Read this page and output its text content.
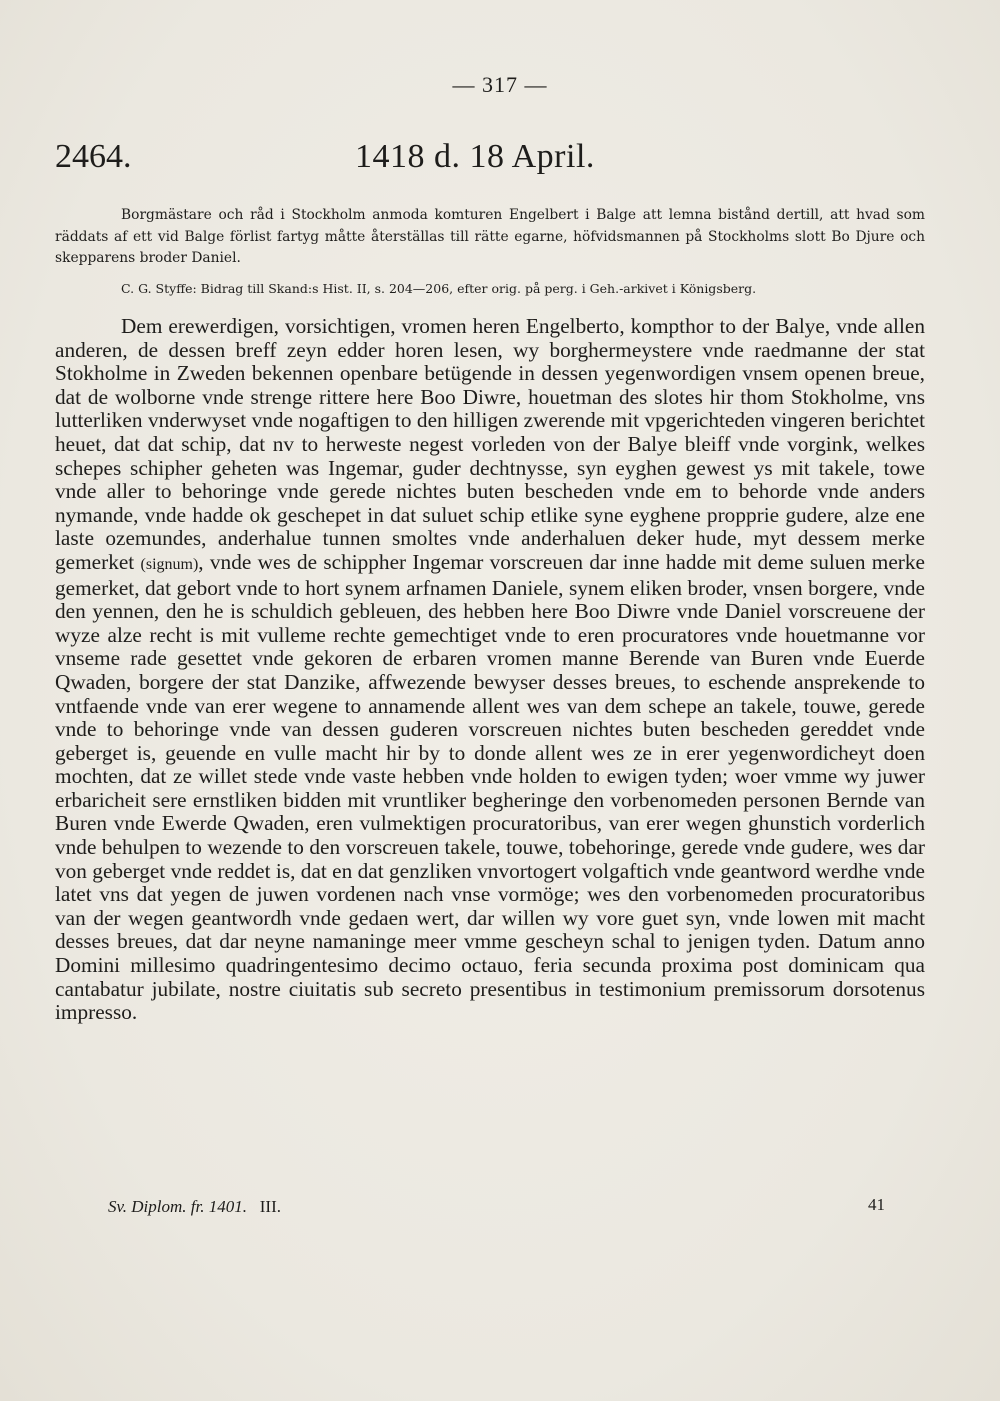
— 317 —
2464.	1418 d. 18 April.

Borgmästare och råd i Stockholm anmoda komturen Engelbert i Balge att lemna bistånd dertill, att hvad som räddats af ett vid Balge förlist fartyg måtte återställas till rätte egarne, höfvidsmannen på Stockholms slott Bo Djure och skepparens broder Daniel.

C. G. Styffe: Bidrag till Skand:s Hist. II, s. 204—206, efter orig. på perg. i Geh.-arkivet i Königsberg.

Dem erewerdigen, vorsichtigen, vromen heren Engelberto, kompthor to der Balye, vnde allen anderen, de dessen breff zeyn edder horen lesen, wy borghermeystere vnde raedmanne der stat Stokholme in Zweden bekennen openbare betügende in dessen yegenwordigen vnsem openen breue, dat de wolborne vnde strenge rittere here Boo Diwre, houetman des slotes hir thom Stokholme, vns lutterliken vnderwyset vnde nogaftigen to den hilligen zwerende mit vpgerichteden vingeren berichtet heuet, dat dat schip, dat nv to herweste negest vorleden von der Balye bleiff vnde vorgink, welkes schepes schipher geheten was Ingemar, guder dechtnysse, syn eyghen gewest ys mit takele, towe vnde aller to behoringe vnde gerede nichtes buten bescheden vnde em to behorde vnde anders nymande, vnde hadde ok geschepet in dat suluet schip etlike syne eyghene propprie gudere, alze ene laste ozemundes, anderhalue tunnen smoltes vnde anderhaluen deker hude, myt dessem merke gemerket (signum), vnde wes de schippher Ingemar vorscreuen dar inne hadde mit deme suluen merke gemerket, dat gebort vnde to hort synem arfnamen Daniele, synem eliken broder, vnsen borgere, vnde den yennen, den he is schuldich gebleuen, des hebben here Boo Diwre vnde Daniel vorscreuene der wyze alze recht is mit vulleme rechte gemechtiget vnde to eren procuratores vnde houetmanne vor vnseme rade gesettet vnde gekoren de erbaren vromen manne Berende van Buren vnde Euerde Qwaden, borgere der stat Danzike, affwezende bewyser desses breues, to eschende ansprekende to vntfaende vnde van erer wegene to annamende allent wes van dem schepe an takele, touwe, gerede vnde to behoringe vnde van dessen guderen vorscreuen nichtes buten bescheden gereddet vnde geberget is, geuende en vulle macht hir by to donde allent wes ze in erer yegenwordicheyt doen mochten, dat ze willet stede vnde vaste hebben vnde holden to ewigen tyden; woer vmme wy juwer erbaricheit sere ernstliken bidden mit vruntliker begheringe den vorbenomeden personen Bernde van Buren vnde Ewerde Qwaden, eren vulmektigen procuratoribus, van erer wegen ghunstich vorderlich vnde behulpen to wezende to den vorscreuen takele, touwe, tobehoringe, gerede vnde gudere, wes dar von geberget vnde reddet is, dat en dat genzliken vnvortogert volgaftich vnde geantword werdhe vnde latet vns dat yegen de juwen vordenen nach vnse vormöge; wes den vorbenomeden procuratoribus van der wegen geantwordh vnde gedaen wert, dar willen wy vore guet syn, vnde lowen mit macht desses breues, dat dar neyne namaninge meer vmme gescheyn schal to jenigen tyden. Datum anno Domini millesimo quadringentesimo decimo octauo, feria secunda proxima post dominicam qua cantabatur jubilate, nostre ciuitatis sub secreto presentibus in testimonium premissorum dorsotenus impresso.

Sv. Diplom. fr. 1401. III.	41
